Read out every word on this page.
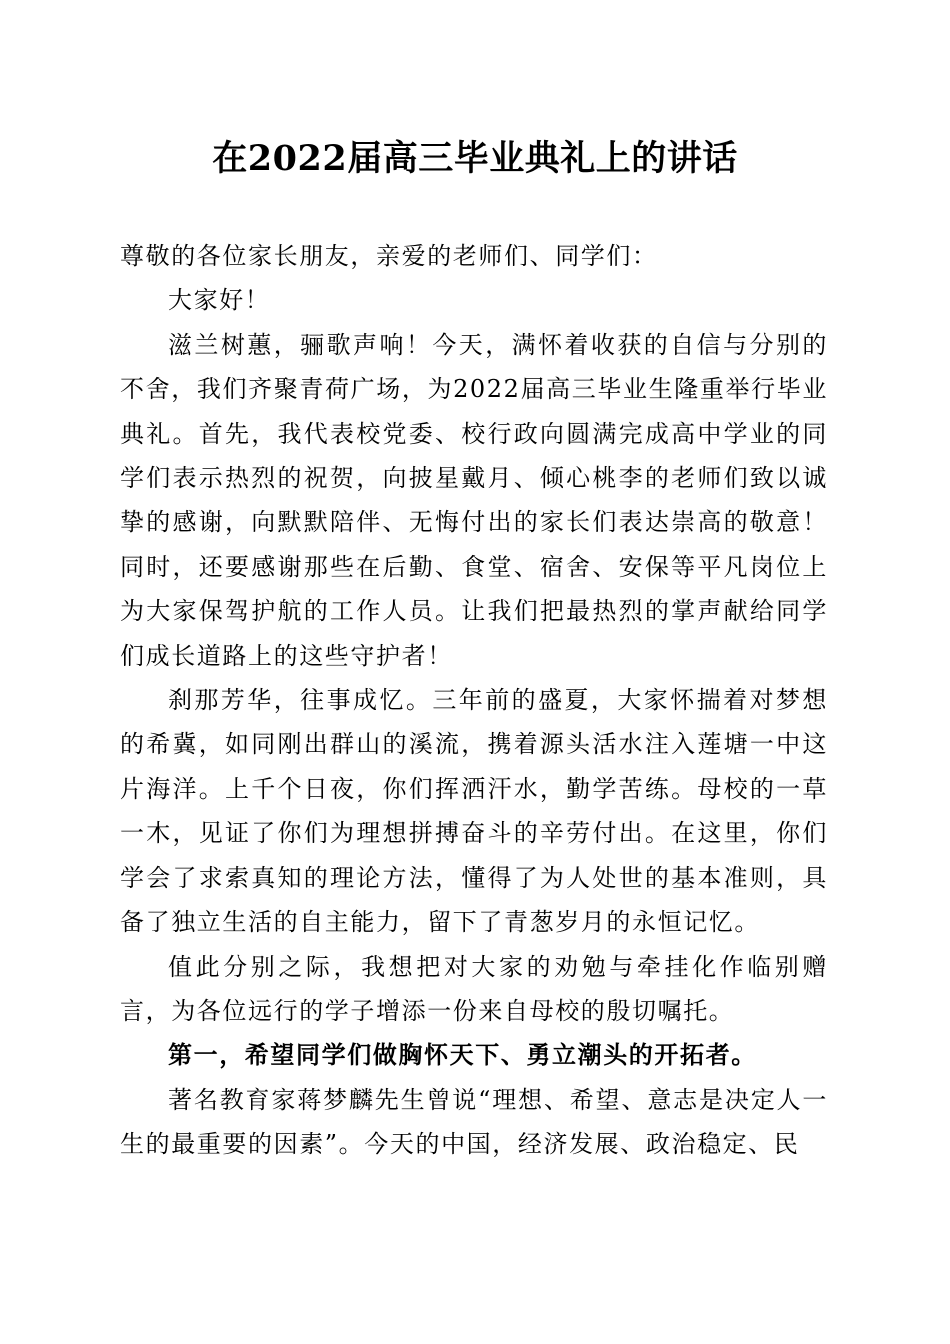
在2022届高三毕业典礼上的讲话

尊敬的各位家长朋友，亲爱的老师们、同学们：

大家好！

滋兰树蕙，骊歌声响！今天，满怀着收获的自信与分别的不舍，我们齐聚青荷广场，为2022届高三毕业生隆重举行毕业典礼。首先，我代表校党委、校行政向圆满完成高中学业的同学们表示热烈的祝贺，向披星戴月、倾心桃李的老师们致以诚挚的感谢，向默默陪伴、无悔付出的家长们表达崇高的敬意！同时，还要感谢那些在后勤、食堂、宿舍、安保等平凡岗位上为大家保驾护航的工作人员。让我们把最热烈的掌声献给同学们成长道路上的这些守护者！

刹那芳华，往事成忆。三年前的盛夏，大家怀揣着对梦想的希冀，如同刚出群山的溪流，携着源头活水注入莲塘一中这片海洋。上千个日夜，你们挥洒汗水，勤学苦练。母校的一草一木，见证了你们为理想拼搏奋斗的辛劳付出。在这里，你们学会了求索真知的理论方法，懂得了为人处世的基本准则，具备了独立生活的自主能力，留下了青葱岁月的永恒记忆。

值此分别之际，我想把对大家的劝勉与牵挂化作临别赠言，为各位远行的学子增添一份来自母校的殷切嘱托。

第一，希望同学们做胸怀天下、勇立潮头的开拓者。

著名教育家蒋梦麟先生曾说“理想、希望、意志是决定人一生的最重要的因素”。今天的中国，经济发展、政治稳定、民
